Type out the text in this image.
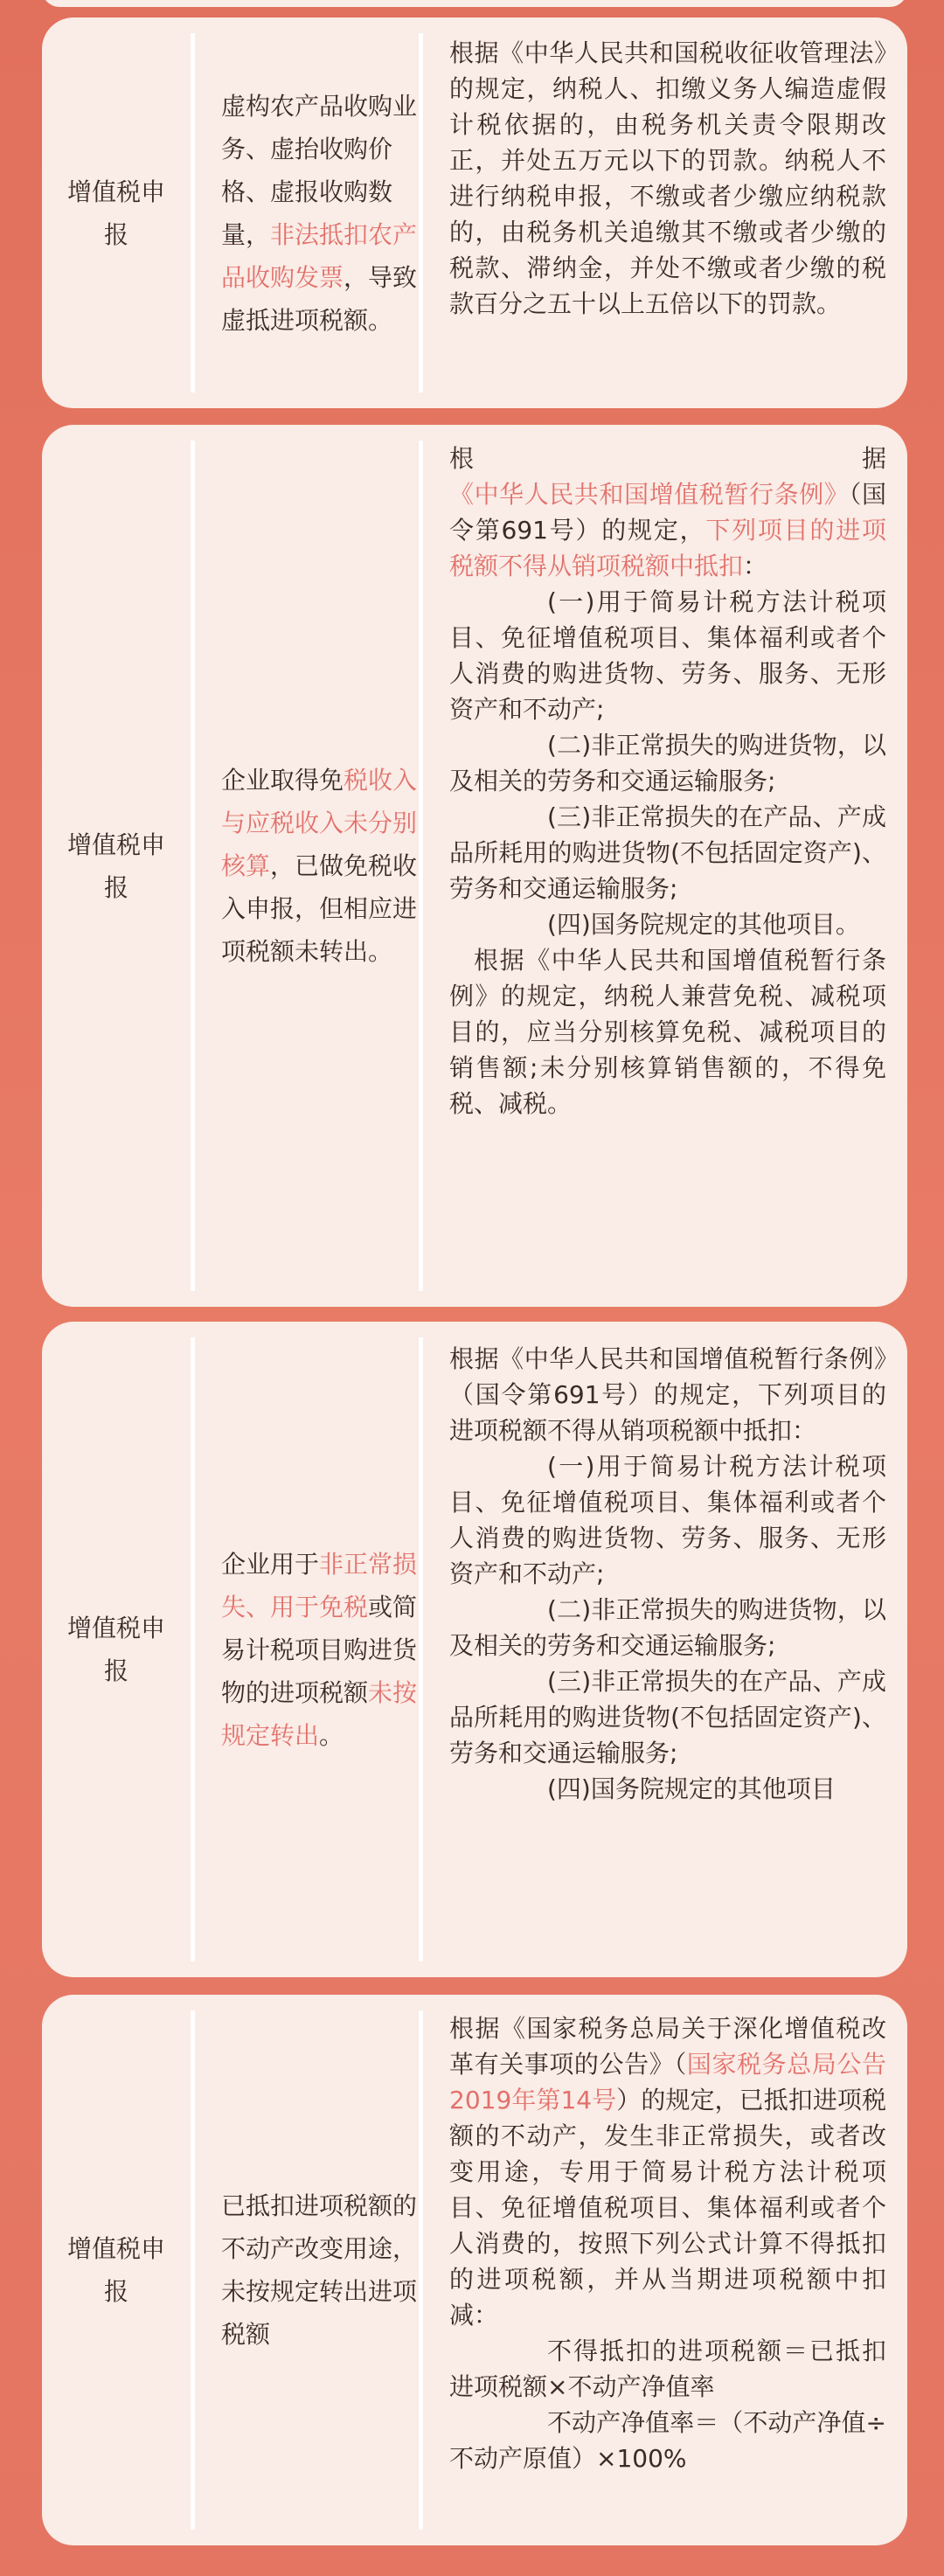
增值税申报
虚构农产品收购业务、虚抬收购价格、虚报收购数量，非法抵扣农产品收购发票，导致虚抵进项税额。

根据《中华人民共和国税收征收管理法》的规定，纳税人、扣缴义务人编造虚假计税依据的，由税务机关责令限期改正，并处五万元以下的罚款。纳税人不进行纳税申报，不缴或者少缴应纳税款的，由税务机关追缴其不缴或者少缴的税款、滞纳金，并处不缴或者少缴的税款百分之五十以上五倍以下的罚款。

增值税申报
企业取得免税收入与应税收入未分别核算，已做免税收入申报，但相应进项税额未转出。

根据《中华人民共和国增值税暂行条例》（国令第691号）的规定，下列项目的进项税额不得从销项税额中抵扣：

(一)用于简易计税方法计税项目、免征增值税项目、集体福利或者个人消费的购进货物、劳务、服务、无形资产和不动产;

(二)非正常损失的购进货物，以及相关的劳务和交通运输服务;

(三)非正常损失的在产品、产成品所耗用的购进货物(不包括固定资产)、劳务和交通运输服务;

(四)国务院规定的其他项目。

根据《中华人民共和国增值税暂行条例》的规定，纳税人兼营免税、减税项目的，应当分别核算免税、减税项目的销售额;未分别核算销售额的，不得免税、减税。

增值税申报
企业用于非正常损失、用于免税或简易计税项目购进货物的进项税额未按规定转出。

根据《中华人民共和国增值税暂行条例》（国令第691号）的规定，下列项目的进项税额不得从销项税额中抵扣：

(一)用于简易计税方法计税项目、免征增值税项目、集体福利或者个人消费的购进货物、劳务、服务、无形资产和不动产;

(二)非正常损失的购进货物，以及相关的劳务和交通运输服务;

(三)非正常损失的在产品、产成品所耗用的购进货物(不包括固定资产)、劳务和交通运输服务;

(四)国务院规定的其他项目

增值税申报
已抵扣进项税额的不动产改变用途，未按规定转出进项税额

根据《国家税务总局关于深化增值税改革有关事项的公告》（国家税务总局公告2019年第14号）的规定，已抵扣进项税额的不动产，发生非正常损失，或者改变用途，专用于简易计税方法计税项目、免征增值税项目、集体福利或者个人消费的，按照下列公式计算不得抵扣的进项税额，并从当期进项税额中扣减：

不得抵扣的进项税额＝已抵扣进项税额×不动产净值率

不动产净值率＝（不动产净值÷不动产原值）×100%
